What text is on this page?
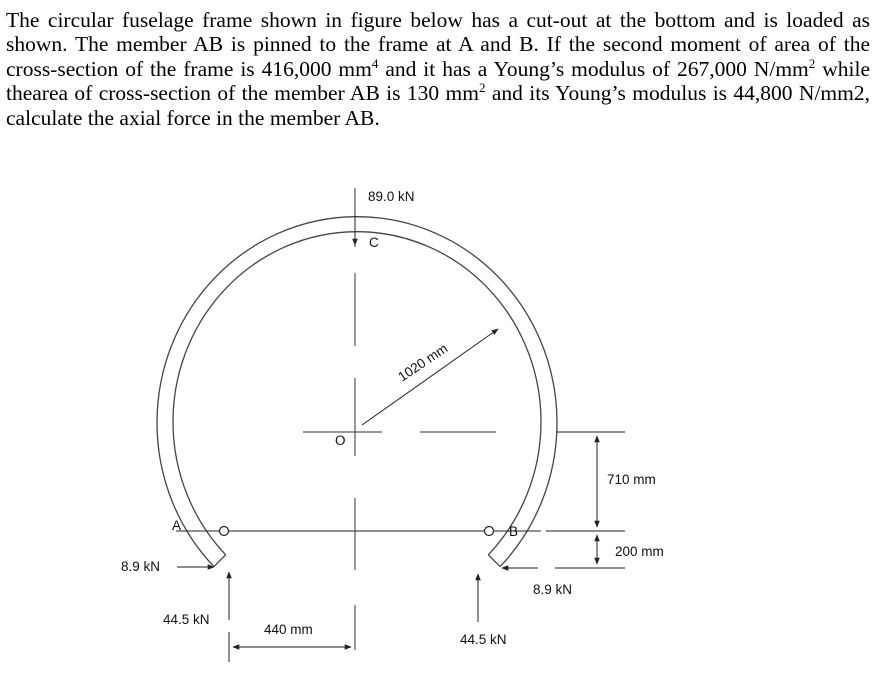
The circular fuselage frame shown in figure below has a cut-out at the bottom and is loaded as shown. The member AB is pinned to the frame at A and B. If the second moment of area of the cross-section of the frame is 416,000 $mm^4$ and it has a Young’s modulus of 267,000 $N/mm^2$ while thearea of cross-section of the member AB is 130 $mm^2$ and its Young’s modulus is 44,800 N/mm2, calculate the axial force in the member AB.
89.0 kN
C
1020 mm
O
A	B
710 mm
200 mm
8.9 kN
8.9 kN
44.5 kN
440 mm
44.5 kN
